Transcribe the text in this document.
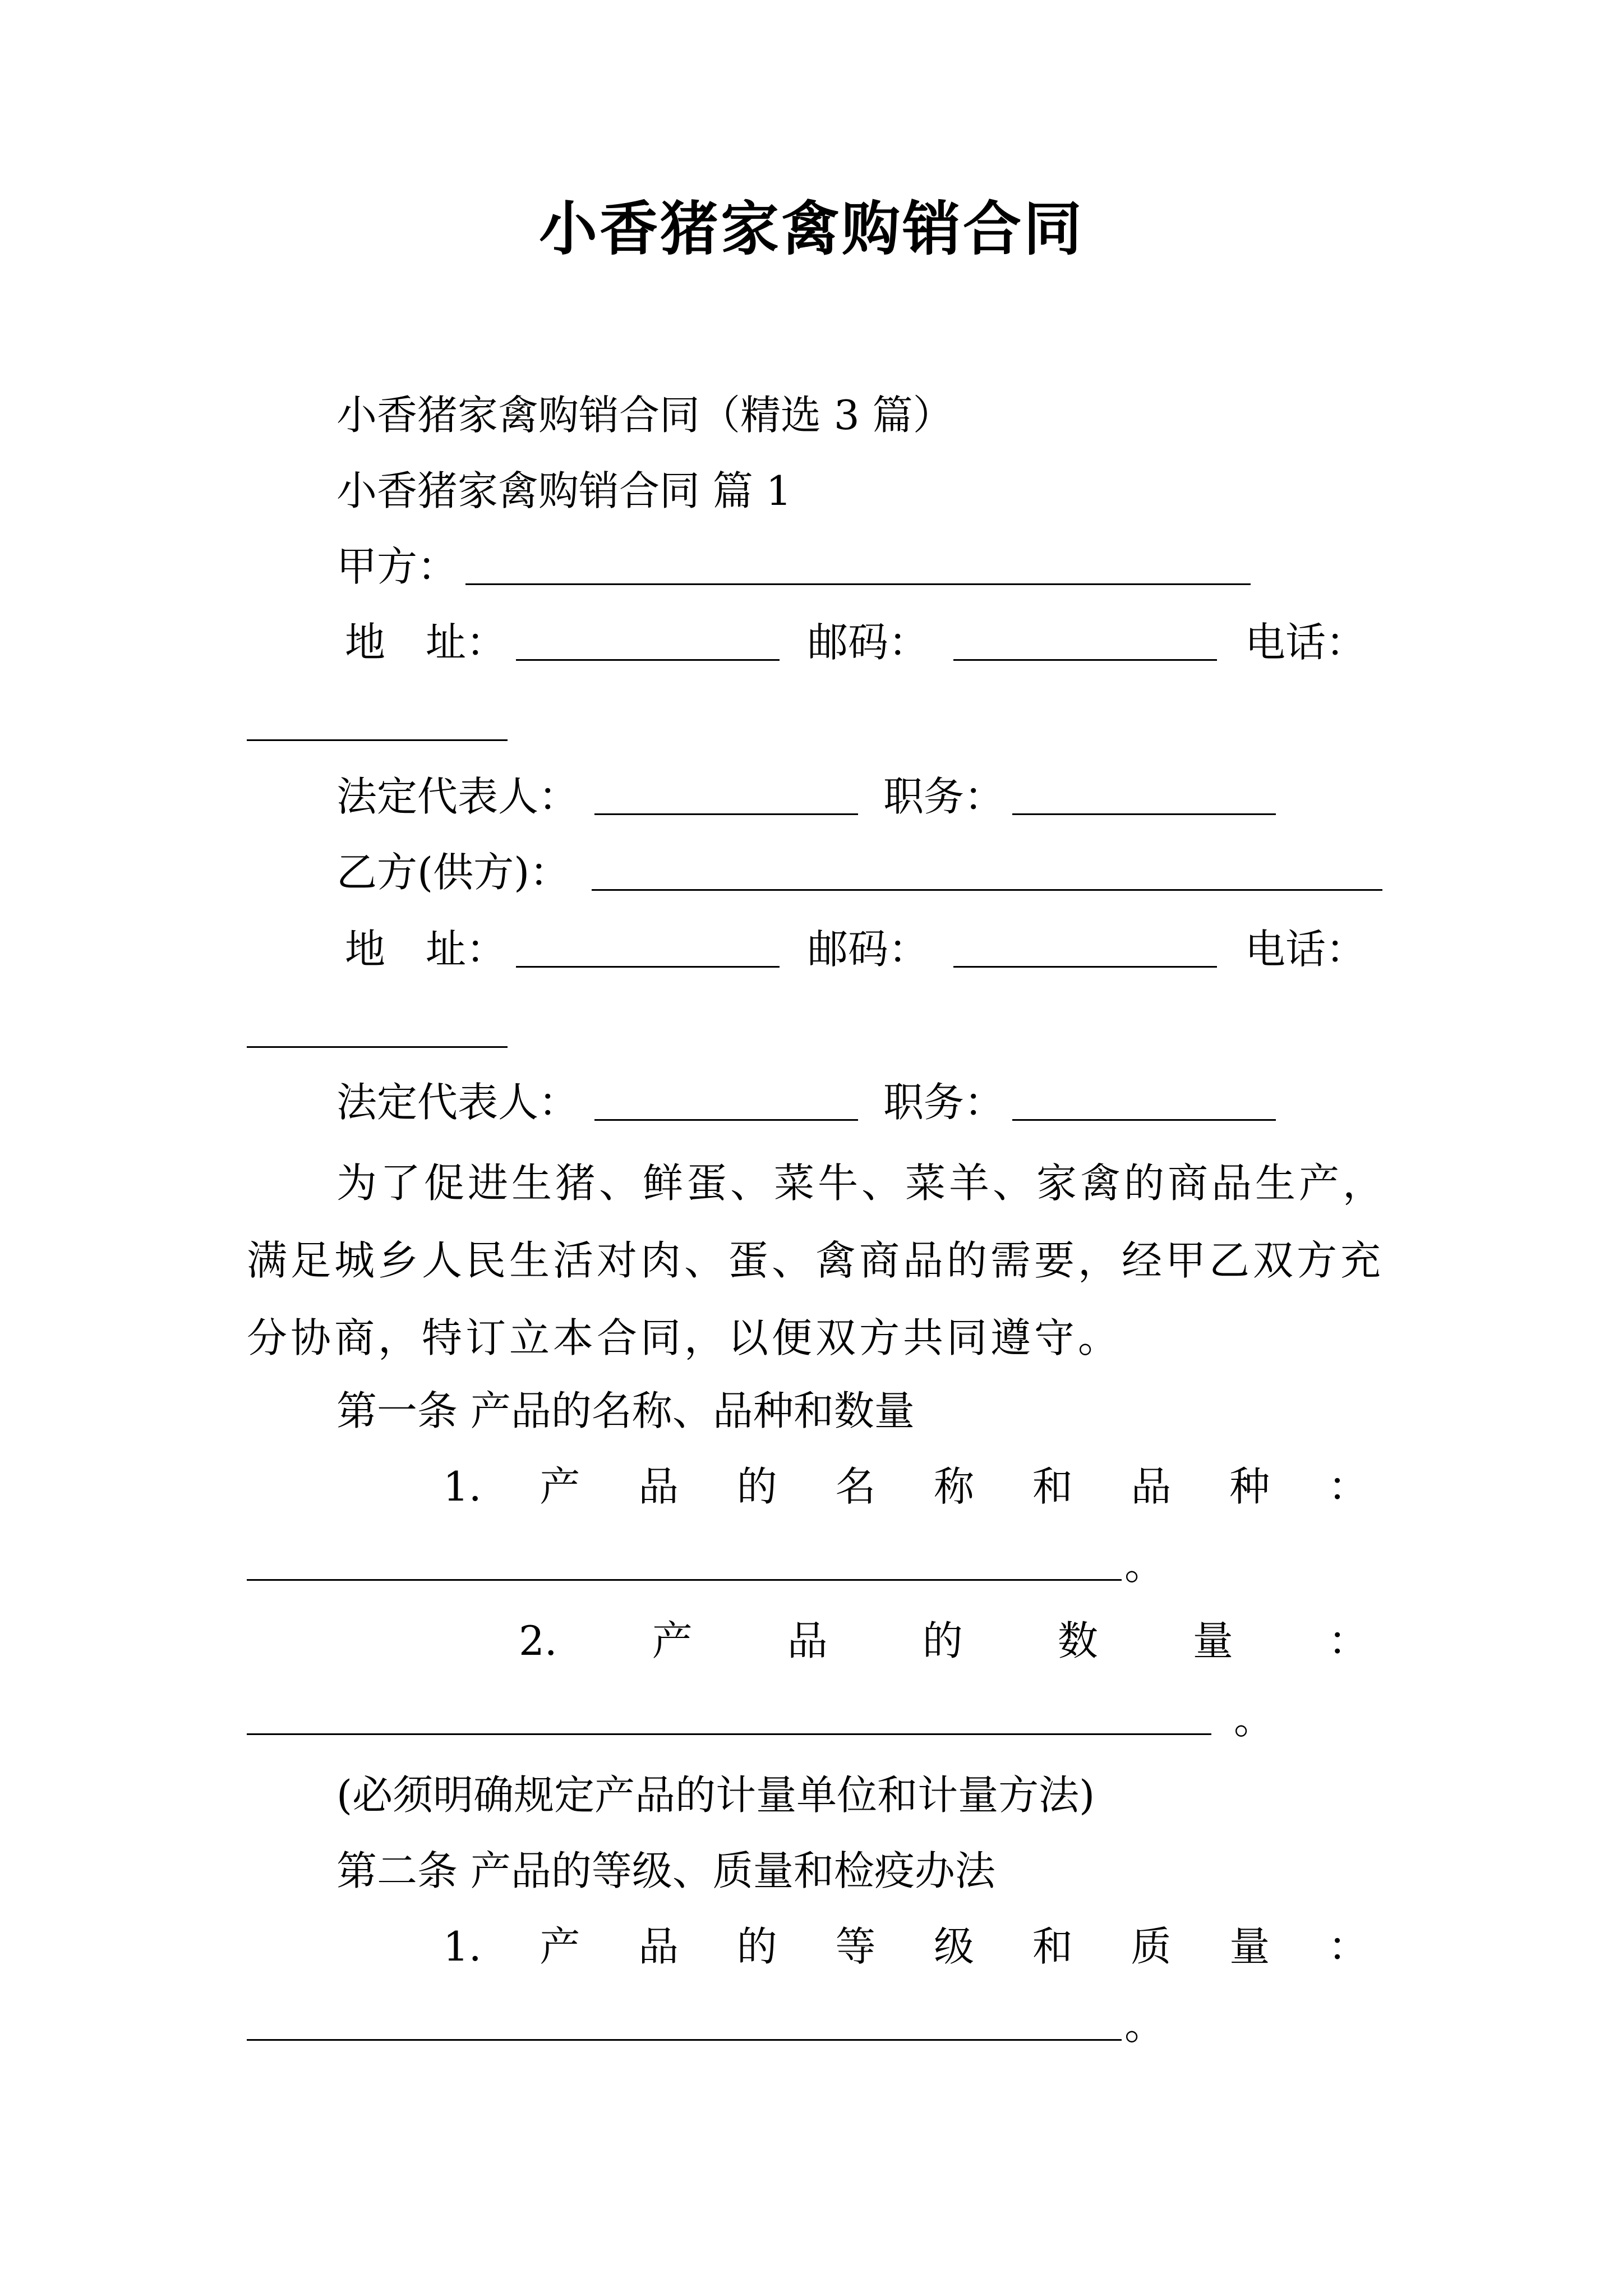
小香猪家禽购销合同
小香猪家禽购销合同（精选 3 篇）
小香猪家禽购销合同 篇 1
甲方：
地　址：	邮码：	电话：
法定代表人：	职务：
乙方(供方)：
地　址：	邮码：	电话：
法定代表人：	职务：

为了促进生猪、鲜蛋、菜牛、菜羊、家禽的商品生产，满足城乡人民生活对肉、蛋、禽商品的需要，经甲乙双方充分协商，特订立本合同，以便双方共同遵守。

第一条 产品的名称、品种和数量
1. 产 品 的 名 称 和 品 种 ：
。
2. 产 品 的 数 量 ：
。
(必须明确规定产品的计量单位和计量方法)
第二条 产品的等级、质量和检疫办法
1. 产 品 的 等 级 和 质 量 ：
。
